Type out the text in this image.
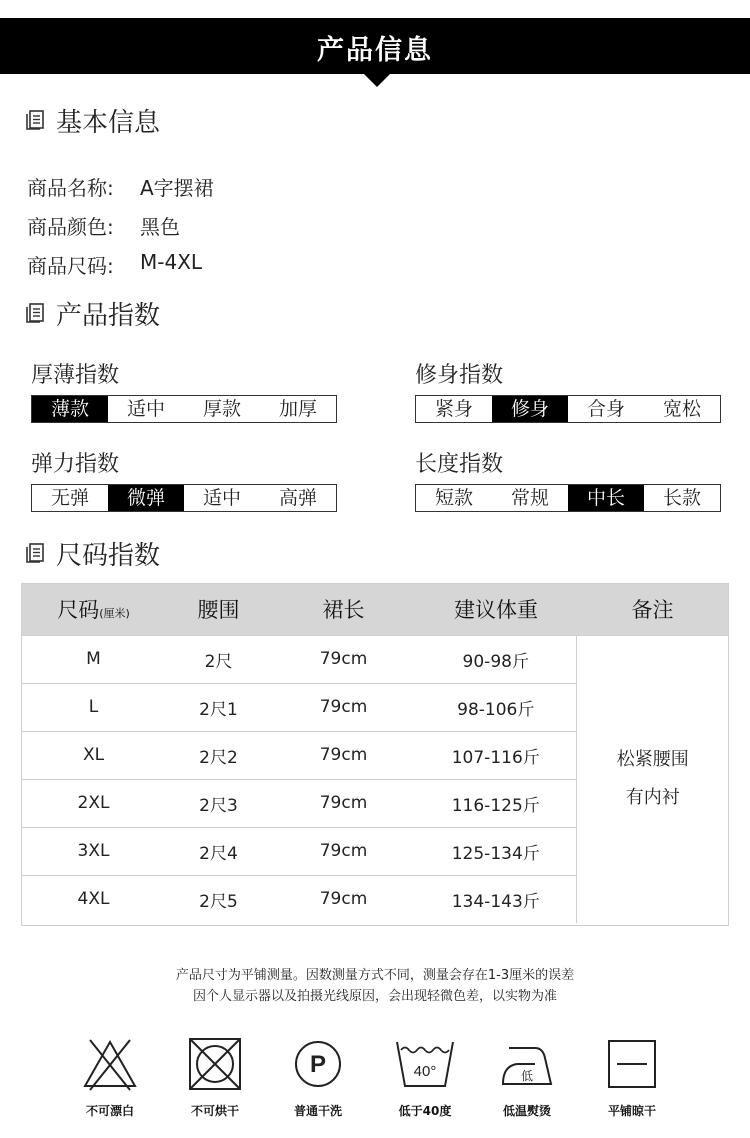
产品信息
基本信息
商品名称:	A字摆裙
商品颜色:	黑色
商品尺码:	M-4XL
产品指数
厚薄指数
薄款	适中	厚款	加厚
修身指数
紧身	修身	合身	宽松
弹力指数
无弹	微弹	适中	高弹
长度指数
短款	常规	中长	长款
尺码指数
尺码(厘米)	腰围	裙长	建议体重	备注
M	2尺	79cm	90-98斤	松紧腰围
有内衬

L	2尺1	79cm	98-106斤	
XL	2尺2	79cm	107-116斤	
2XL	2尺3	79cm	116-125斤	
3XL	2尺4	79cm	125-134斤	
4XL	2尺5	79cm	134-143斤	
产品尺寸为平铺测量。因数测量方式不同，测量会存在1-3厘米的误差
因个人显示器以及拍摄光线原因，会出现轻微色差，以实物为准
不可漂白	不可烘干
P
普通干洗
40°
低于40度
低
低温熨烫	平铺晾干
